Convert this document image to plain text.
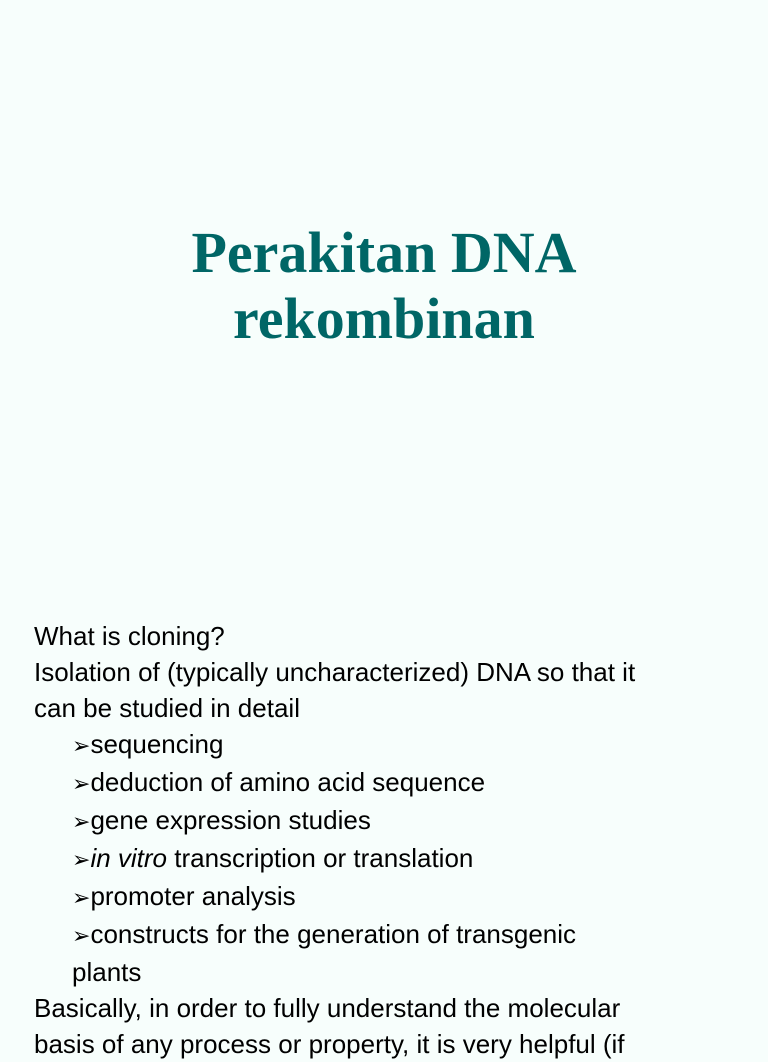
Perakitan DNA
rekombinan
What is cloning?
Isolation of (typically uncharacterized) DNA so that it
can be studied in detail
➢sequencing
➢deduction of amino acid sequence
➢gene expression studies
➢in vitro transcription or translation
➢promoter analysis
➢constructs for the generation of transgenic
plants
Basically, in order to fully understand the molecular
basis of any process or property, it is very helpful (if
